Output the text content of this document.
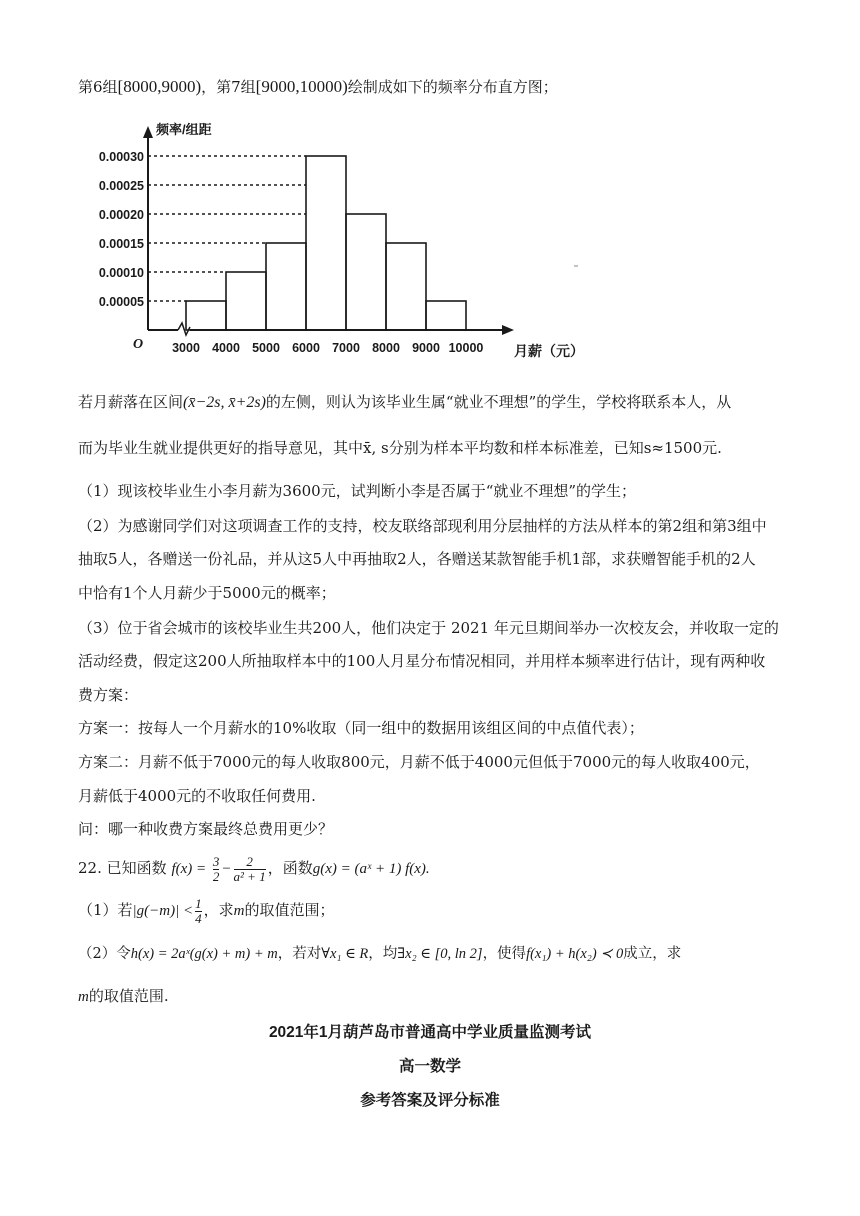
第6组[8000,9000)，第7组[9000,10000)绘制成如下的频率分布直方图；
0.00005
0.00010
0.00015
0.00020
0.00025
0.00030
3000 4000 5000 6000 7000 8000 9000 10000
O
频率/组距
月薪（元）
若月薪落在区间(x̄−2s, x̄+2s)的左侧，则认为该毕业生属“就业不理想”的学生，学校将联系本人，从
而为毕业生就业提供更好的指导意见，其中x̄, s分别为样本平均数和样本标准差，已知s≈1500元.
（1）现该校毕业生小李月薪为3600元，试判断小李是否属于“就业不理想”的学生；
（2）为感谢同学们对这项调查工作的支持，校友联络部现利用分层抽样的方法从样本的第2组和第3组中
抽取5人，各赠送一份礼品，并从这5人中再抽取2人，各赠送某款智能手机1部，求获赠智能手机的2人
中恰有1个人月薪少于5000元的概率；
（3）位于省会城市的该校毕业生共200人，他们决定于 2021 年元旦期间举办一次校友会，并收取一定的
活动经费，假定这200人所抽取样本中的100人月星分布情况相同，并用样本频率进行估计，现有两种收
费方案：
方案一：按每人一个月薪水的10%收取（同一组中的数据用该组区间的中点值代表）；
方案二：月薪不低于7000元的每人收取800元，月薪不低于4000元但低于7000元的每人收取400元，
月薪低于4000元的不收取任何费用.
问：哪一种收费方案最终总费用更少？
22. 已知函数 $f(x) = \frac{3}{2} - \frac{2}{\text{a² + 1}}$ ，函数g(x) = (aˣ + 1) f(x).
（1）若$|g(-m)| < \frac{1}{4}$ ，求m的取值范围；
（2）令h(x) = 2aˣ(g(x) + m) + m，若对∀x₁ ∈ R，均∃x₂ ∈ [0, ln 2]，使得f(x₁) + h(x₂) ≺ 0成立，求
m的取值范围.
2021年1月葫芦岛市普通高中学业质量监测考试
高一数学
参考答案及评分标准
